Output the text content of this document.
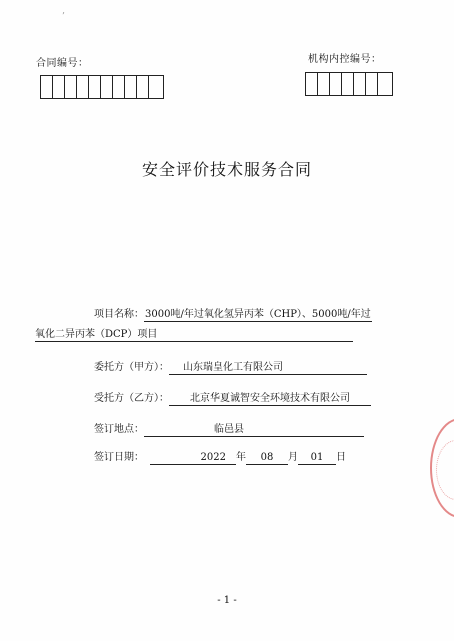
’
合同编号：	机构内控编号：
安全评价技术服务合同
项目名称：3000吨/年过氧化氢异丙苯（CHP）、5000吨/年过
氧化二异丙苯（DCP）项目
委托方（甲方）： 山东瑞皇化工有限公司
受托方（乙方）： 北京华夏诚智安全环境技术有限公司
签订地点：	临邑县
签订日期：	2022 年 08 月 01 日
- 1 -
